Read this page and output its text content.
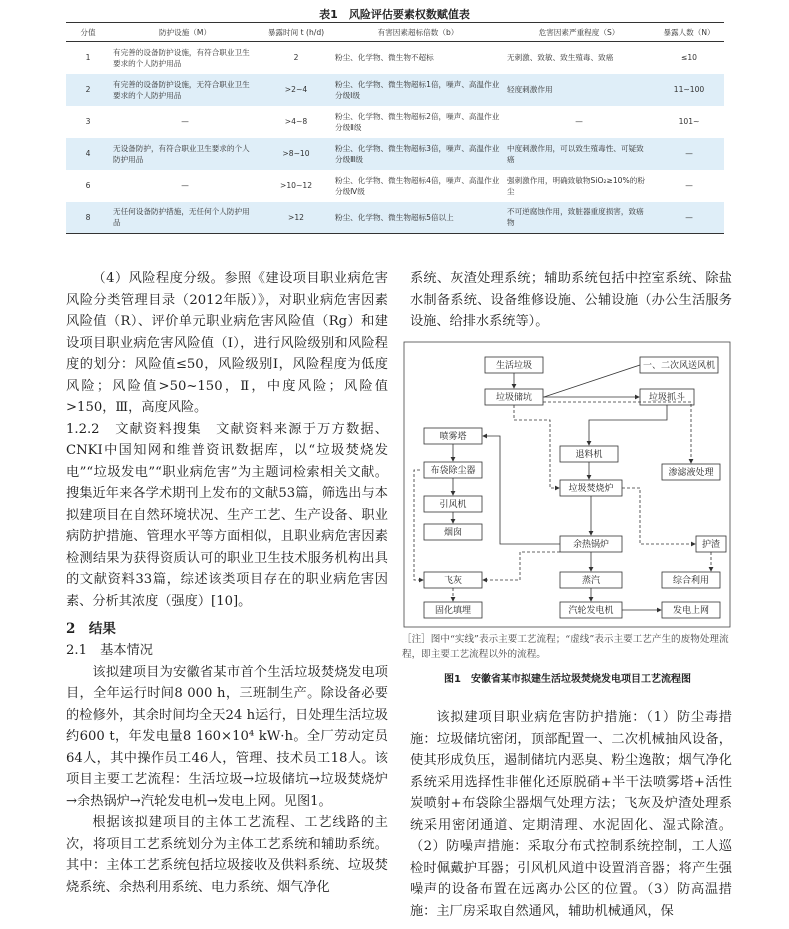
表1　风险评估要素权数赋值表
分值	防护设施（M）	暴露时间 t (h/d)	有害因素超标倍数（b）	危害因素严重程度（S）	暴露人数（N）
1	有完善的设备防护设施，有符合职业卫生要求的个人防护用品	2	粉尘、化学物、微生物不超标	无刺激、致敏、致生殖毒、致癌	≤10
2	有完善的设备防护设施，无符合职业卫生要求的个人防护用品	>2~4	粉尘、化学物、微生物超标1倍，噪声、高温作业分级Ⅰ级	轻度刺激作用	11~100
3	—	>4~8	粉尘、化学物、微生物超标2倍，噪声、高温作业分级Ⅱ级	—	101~
4	无设备防护，有符合职业卫生要求的个人防护用品	>8~10	粉尘、化学物、微生物超标3倍，噪声、高温作业分级Ⅲ级	中度刺激作用，可以致生殖毒性、可疑致癌	—
6	—	>10~12	粉尘、化学物、微生物超标4倍，噪声、高温作业分级Ⅳ级	强刺激作用，明确致敏物SiO₂≥10%的粉尘	—
8	无任何设备防护措施，无任何个人防护用品	>12	粉尘、化学物、微生物超标5倍以上	不可逆腐蚀作用，致脏器重度损害，致癌物	—

（4）风险程度分级。参照《建设项目职业病危害风险分类管理目录（2012年版）》，对职业病危害因素风险值（R）、评价单元职业病危害风险值（Rg）和建设项目职业病危害风险值（I），进行风险级别和风险程度的划分：风险值≤50，风险级别Ⅰ，风险程度为低度风险；风险值>50~150，Ⅱ，中度风险；风险值>150，Ⅲ，高度风险。

1.2.2　文献资料搜集　文献资料来源于万方数据、CNKI中国知网和维普资讯数据库，以“垃圾焚烧发电”“垃圾发电”“职业病危害”为主题词检索相关文献。搜集近年来各学术期刊上发布的文献53篇，筛选出与本拟建项目在自然环境状况、生产工艺、生产设备、职业病防护措施、管理水平等方面相似，且职业病危害因素检测结果为获得资质认可的职业卫生技术服务机构出具的文献资料33篇，综述该类项目存在的职业病危害因素、分析其浓度（强度）[10]。

2　结果
2.1　基本情况

该拟建项目为安徽省某市首个生活垃圾焚烧发电项目，全年运行时间8 000 h，三班制生产。除设备必要的检修外，其余时间均全天24 h运行，日处理生活垃圾约600 t，年发电量8 160×10⁴ kW·h。全厂劳动定员64人，其中操作员工46人，管理、技术员工18人。该项目主要工艺流程：生活垃圾→垃圾储坑→垃圾焚烧炉→余热锅炉→汽轮发电机→发电上网。见图1。

根据该拟建项目的主体工艺流程、工艺线路的主次，将项目工艺系统划分为主体工艺系统和辅助系统。其中：主体工艺系统包括垃圾接收及供料系统、垃圾焚烧系统、余热利用系统、电力系统、烟气净化

系统、灰渣处理系统；辅助系统包括中控室系统、除盐水制备系统、设备维修设施、公辅设施（办公生活服务设施、给排水系统等）。

生活垃圾	一、二次风送风机
垃圾储坑	垃圾抓斗
喷雾塔
布袋除尘器
引风机
烟囱
退料机
垃圾焚烧炉
渗滤液处理
余热锅炉	护渣
飞灰	蒸汽	综合利用
固化填埋	汽轮发电机	发电上网
［注］图中“实线”表示主要工艺流程；“虚线”表示主要工艺产生的废物处理流程，即主要工艺流程以外的流程。
图1　安徽省某市拟建生活垃圾焚烧发电项目工艺流程图

该拟建项目职业病危害防护措施：（1）防尘毒措施：垃圾储坑密闭，顶部配置一、二次机械抽风设备，使其形成负压，遏制储坑内恶臭、粉尘逸散；烟气净化系统采用选择性非催化还原脱硝+半干法喷雾塔+活性炭喷射+布袋除尘器烟气处理方法；飞灰及炉渣处理系统采用密闭通道、定期清理、水泥固化、湿式除渣。（2）防噪声措施：采取分布式控制系统控制，工人巡检时佩戴护耳器；引风机风道中设置消音器；将产生强噪声的设备布置在远离办公区的位置。（3）防高温措施：主厂房采取自然通风，辅助机械通风，保
